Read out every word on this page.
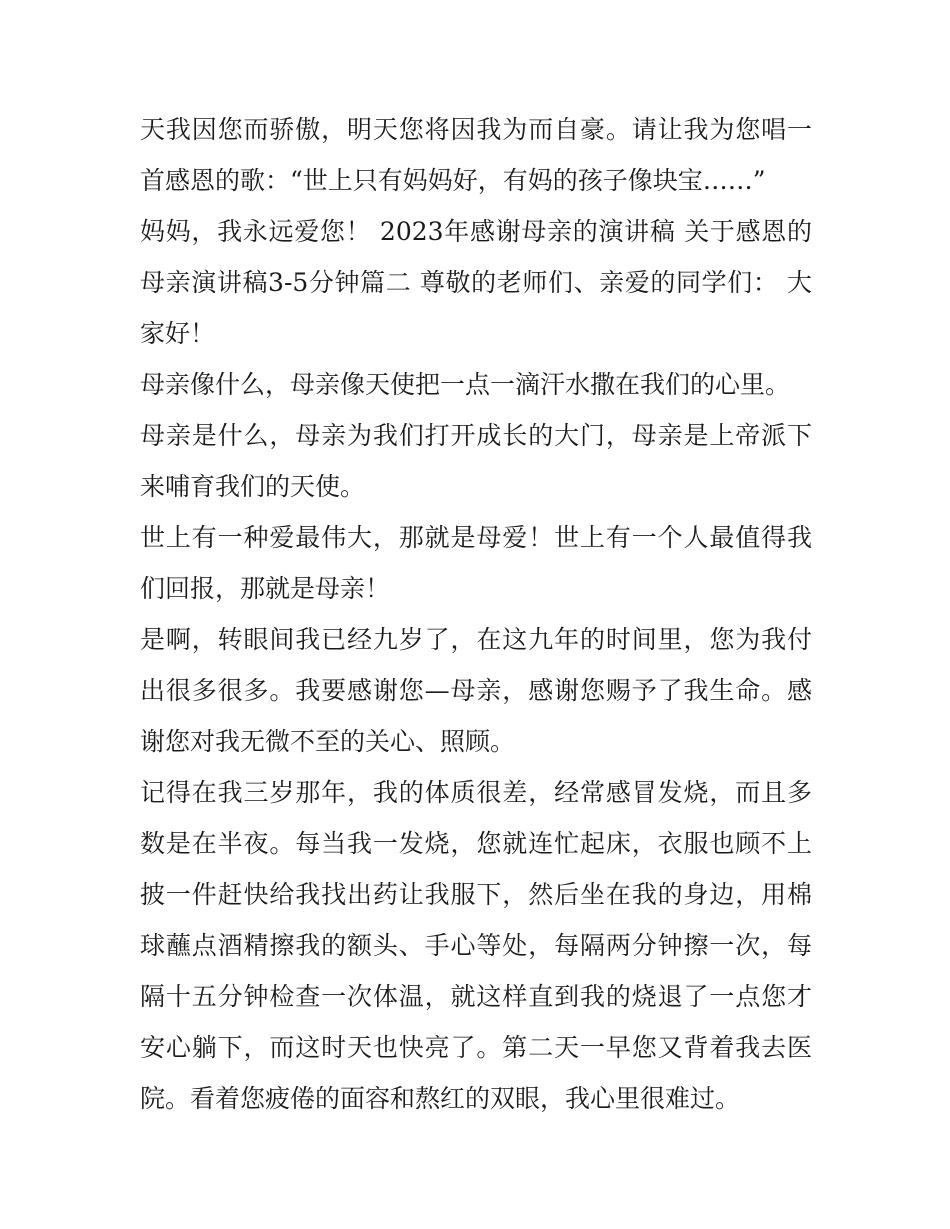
天我因您而骄傲，明天您将因我为而自豪。请让我为您唱一首感恩的歌：“世上只有妈妈好，有妈的孩子像块宝……”

妈妈，我永远爱您！ 2023年感谢母亲的演讲稿 关于感恩的母亲演讲稿3-5分钟篇二 尊敬的老师们、亲爱的同学们： 大家好！

母亲像什么，母亲像天使把一点一滴汗水撒在我们的心里。

母亲是什么，母亲为我们打开成长的大门，母亲是上帝派下来哺育我们的天使。

世上有一种爱最伟大，那就是母爱！世上有一个人最值得我们回报，那就是母亲！

是啊，转眼间我已经九岁了，在这九年的时间里，您为我付出很多很多。我要感谢您—母亲，感谢您赐予了我生命。感谢您对我无微不至的关心、照顾。

记得在我三岁那年，我的体质很差，经常感冒发烧，而且多数是在半夜。每当我一发烧，您就连忙起床，衣服也顾不上披一件赶快给我找出药让我服下，然后坐在我的身边，用棉球蘸点酒精擦我的额头、手心等处，每隔两分钟擦一次，每隔十五分钟检查一次体温，就这样直到我的烧退了一点您才安心躺下，而这时天也快亮了。第二天一早您又背着我去医院。看着您疲倦的面容和熬红的双眼，我心里很难过。
